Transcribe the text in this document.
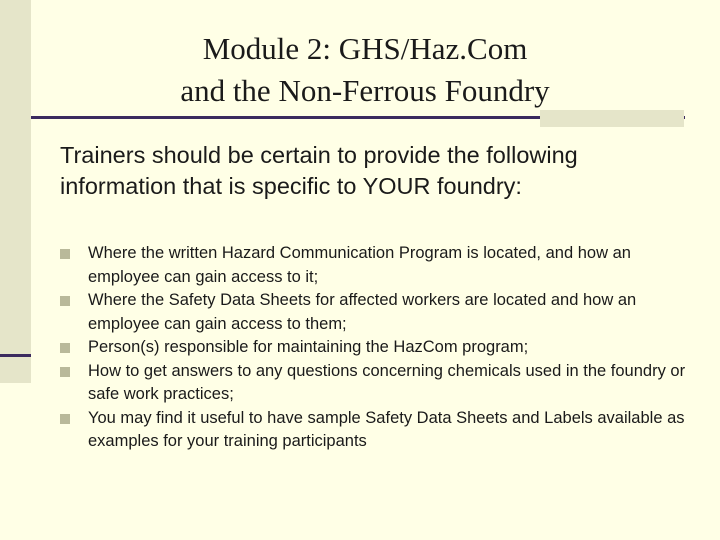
Module 2: GHS/Haz.Com
and the Non-Ferrous Foundry
Trainers should be certain to provide the following information that is specific to YOUR foundry:
Where the written Hazard Communication Program is located, and how an employee can gain access to it;
Where the Safety Data Sheets for affected workers are located and how an employee can gain access to them;
Person(s) responsible for maintaining the HazCom program;
How to get answers to any questions concerning chemicals used in the foundry or safe work practices;
You may find it useful to have sample Safety Data Sheets and Labels available as examples for your training participants
